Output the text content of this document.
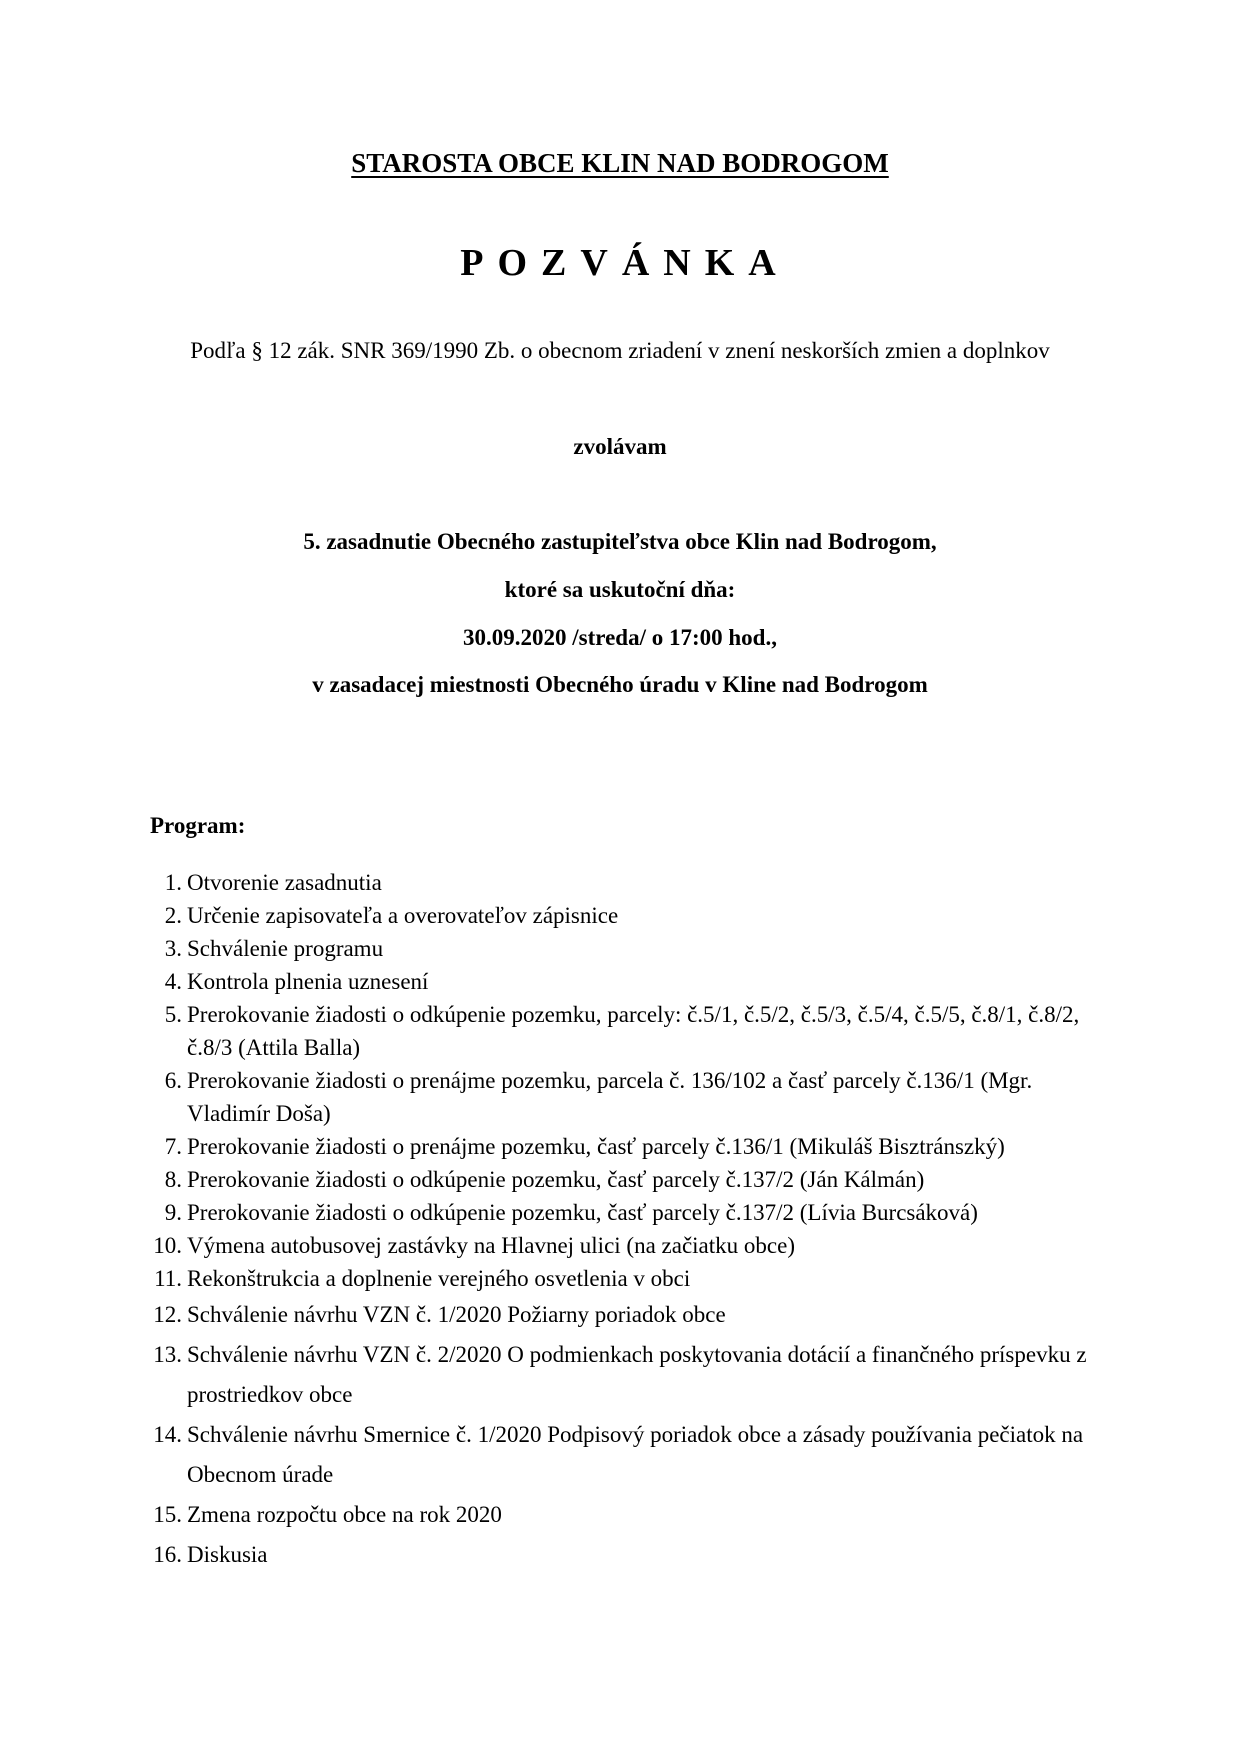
STAROSTA OBCE KLIN NAD BODROGOM
POZVÁNKA
Podľa § 12 zák. SNR 369/1990 Zb. o obecnom zriadení v znení neskorších zmien a doplnkov
zvolávam
5. zasadnutie Obecného zastupiteľstva obce Klin nad Bodrogom,
ktoré sa uskutoční dňa:
30.09.2020 /streda/ o 17:00 hod.,
v zasadacej miestnosti Obecného úradu v Kline nad Bodrogom
Program:
1. Otvorenie zasadnutia
2. Určenie zapisovateľa a overovateľov zápisnice
3. Schválenie programu
4. Kontrola plnenia uznesení
5. Prerokovanie žiadosti o odkúpenie pozemku, parcely: č.5/1, č.5/2, č.5/3, č.5/4, č.5/5, č.8/1, č.8/2, č.8/3 (Attila Balla)
6. Prerokovanie žiadosti o prenájme pozemku, parcela č. 136/102 a časť parcely č.136/1 (Mgr. Vladimír Doša)
7. Prerokovanie žiadosti o prenájme pozemku, časť parcely č.136/1 (Mikuláš Bisztránszký)
8. Prerokovanie žiadosti o odkúpenie pozemku, časť parcely č.137/2 (Ján Kálmán)
9. Prerokovanie žiadosti o odkúpenie pozemku, časť parcely č.137/2 (Lívia Burcsáková)
10. Výmena autobusovej zastávky na Hlavnej ulici (na začiatku obce)
11. Rekonštrukcia a doplnenie verejného osvetlenia v obci
12. Schválenie návrhu VZN č. 1/2020 Požiarny poriadok obce
13. Schválenie návrhu VZN č. 2/2020 O podmienkach poskytovania dotácií a finančného príspevku z prostriedkov obce
14. Schválenie návrhu Smernice č. 1/2020 Podpisový poriadok obce a zásady používania pečiatok na Obecnom úrade
15. Zmena rozpočtu obce na rok 2020
16. Diskusia
